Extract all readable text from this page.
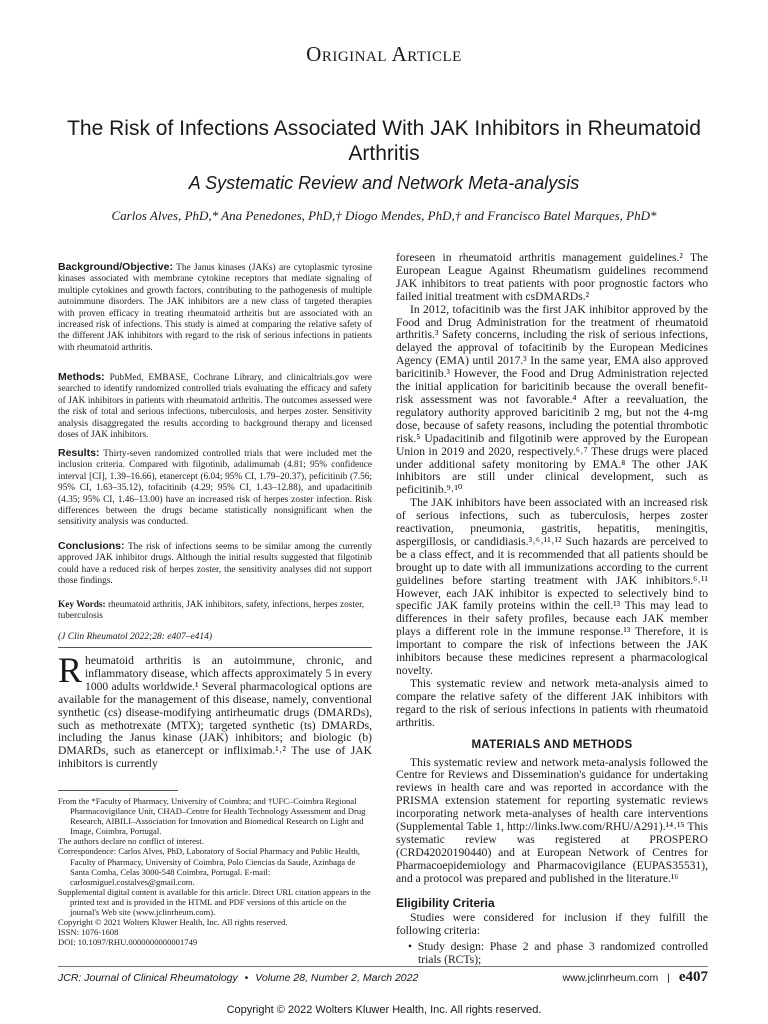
Original Article
The Risk of Infections Associated With JAK Inhibitors in Rheumatoid Arthritis
A Systematic Review and Network Meta-analysis
Carlos Alves, PhD,* Ana Penedones, PhD,† Diogo Mendes, PhD,† and Francisco Batel Marques, PhD*

Background/Objective: The Janus kinases (JAKs) are cytoplasmic tyrosine kinases associated with membrane cytokine receptors that mediate signaling of multiple cytokines and growth factors, contributing to the pathogenesis of multiple autoimmune disorders. The JAK inhibitors are a new class of targeted therapies with proven efficacy in treating rheumatoid arthritis but are associated with an increased risk of infections. This study is aimed at comparing the relative safety of the different JAK inhibitors with regard to the risk of serious infections in patients with rheumatoid arthritis.

Methods: PubMed, EMBASE, Cochrane Library, and clinicaltrials.gov were searched to identify randomized controlled trials evaluating the efficacy and safety of JAK inhibitors in patients with rheumatoid arthritis. The outcomes assessed were the risk of total and serious infections, tuberculosis, and herpes zoster. Sensitivity analysis disaggregated the results according to background therapy and licensed doses of JAK inhibitors.

Results: Thirty-seven randomized controlled trials that were included met the inclusion criteria. Compared with filgotinib, adalimumab (4.81; 95% confidence interval [CI], 1.39–16.66), etanercept (6.04; 95% CI, 1.79–20.37), peficitinib (7.56; 95% CI, 1.63–35.12), tofacitinib (4.29; 95% CI, 1.43–12.88), and upadacitinib (4.35; 95% CI, 1.46–13.00) have an increased risk of herpes zoster infection. Risk differences between the drugs became statistically nonsignificant when the sensitivity analysis was conducted.

Conclusions: The risk of infections seems to be similar among the currently approved JAK inhibitor drugs. Although the initial results suggested that filgotinib could have a reduced risk of herpes zoster, the sensitivity analyses did not support those findings.

Key Words: rheumatoid arthritis, JAK inhibitors, safety, infections, herpes zoster, tuberculosis
(J Clin Rheumatol 2022;28: e407–e414)

Rheumatoid arthritis is an autoimmune, chronic, and inflammatory disease, which affects approximately 5 in every 1000 adults worldwide.¹ Several pharmacological options are available for the management of this disease, namely, conventional synthetic (cs) disease-modifying antirheumatic drugs (DMARDs), such as methotrexate (MTX); targeted synthetic (ts) DMARDs, including the Janus kinase (JAK) inhibitors; and biologic (b) DMARDs, such as etanercept or infliximab.¹˒² The use of JAK inhibitors is currently

From the *Faculty of Pharmacy, University of Coimbra; and †UFC–Coimbra Regional Pharmacovigilance Unit, CHAD–Centre for Health Technology Assessment and Drug Research, AIBILI–Association for Innovation and Biomedical Research on Light and Image, Coimbra, Portugal.
The authors declare no conflict of interest.
Correspondence: Carlos Alves, PhD, Laboratory of Social Pharmacy and Public Health, Faculty of Pharmacy, University of Coimbra, Polo Ciencias da Saude, Azinhaga de Santa Comba, Celas 3000-548 Coimbra, Portugal. E-mail: carlosmiguel.costalves@gmail.com.
Supplemental digital content is available for this article. Direct URL citation appears in the printed text and is provided in the HTML and PDF versions of this article on the journal's Web site (www.jclinrheum.com).
Copyright © 2021 Wolters Kluwer Health, Inc. All rights reserved.
ISSN: 1076-1608
DOI: 10.1097/RHU.0000000000001749

foreseen in rheumatoid arthritis management guidelines.² The European League Against Rheumatism guidelines recommend JAK inhibitors to treat patients with poor prognostic factors who failed initial treatment with csDMARDs.²

In 2012, tofacitinib was the first JAK inhibitor approved by the Food and Drug Administration for the treatment of rheumatoid arthritis.³ Safety concerns, including the risk of serious infections, delayed the approval of tofacitinib by the European Medicines Agency (EMA) until 2017.³ In the same year, EMA also approved baricitinib.³ However, the Food and Drug Administration rejected the initial application for baricitinib because the overall benefit-risk assessment was not favorable.⁴ After a reevaluation, the regulatory authority approved baricitinib 2 mg, but not the 4-mg dose, because of safety reasons, including the potential thrombotic risk.⁵ Upadacitinib and filgotinib were approved by the European Union in 2019 and 2020, respectively.⁶˒⁷ These drugs were placed under additional safety monitoring by EMA.⁸ The other JAK inhibitors are still under clinical development, such as peficitinib.⁹˒¹⁰

The JAK inhibitors have been associated with an increased risk of serious infections, such as tuberculosis, herpes zoster reactivation, pneumonia, gastritis, hepatitis, meningitis, aspergillosis, or candidiasis.³˒⁶˒¹¹˒¹² Such hazards are perceived to be a class effect, and it is recommended that all patients should be brought up to date with all immunizations according to the current guidelines before starting treatment with JAK inhibitors.⁶˒¹¹ However, each JAK inhibitor is expected to selectively bind to specific JAK family proteins within the cell.¹³ This may lead to differences in their safety profiles, because each JAK member plays a different role in the immune response.¹³ Therefore, it is important to compare the risk of infections between the JAK inhibitors because these medicines represent a pharmacological novelty.

This systematic review and network meta-analysis aimed to compare the relative safety of the different JAK inhibitors with regard to the risk of serious infections in patients with rheumatoid arthritis.

MATERIALS AND METHODS

This systematic review and network meta-analysis followed the Centre for Reviews and Dissemination's guidance for undertaking reviews in health care and was reported in accordance with the PRISMA extension statement for reporting systematic reviews incorporating network meta-analyses of health care interventions (Supplemental Table 1, http://links.lww.com/RHU/A291).¹⁴˒¹⁵ This systematic review was registered at PROSPERO (CRD42020190440) and at European Network of Centres for Pharmacoepidemiology and Pharmacovigilance (EUPAS35531), and a protocol was prepared and published in the literature.¹⁶

Eligibility Criteria

Studies were considered for inclusion if they fulfill the following criteria:

• Study design: Phase 2 and phase 3 randomized controlled trials (RCTs);

JCR: Journal of Clinical Rheumatology • Volume 28, Number 2, March 2022	www.jclinrheum.com | e407
Copyright © 2022 Wolters Kluwer Health, Inc. All rights reserved.
